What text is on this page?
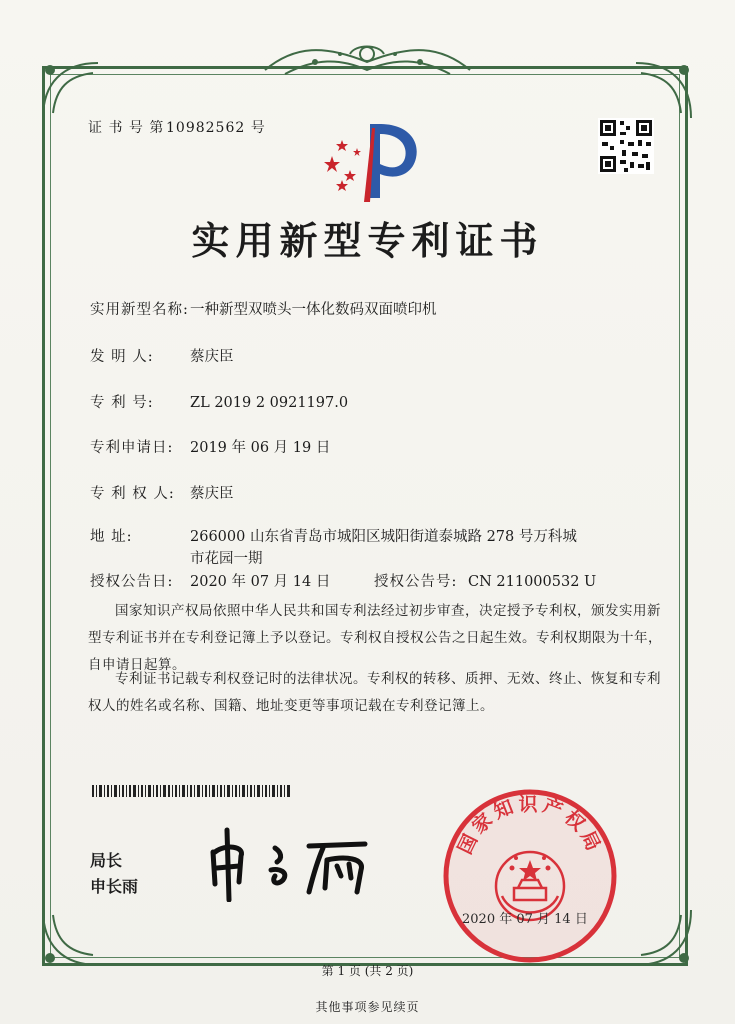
证 书 号 第 10982562 号
实用新型专利证书
实用新型名称: 一种新型双喷头一体化数码双面喷印机
发 明 人:	蔡庆臣
专 利 号:	ZL 2019 2 0921197.0
专利申请日: 2019 年 06 月 19 日
专 利 权 人: 蔡庆臣
地 址:	266000 山东省青岛市城阳区城阳街道泰城路 278 号万科城
市花园一期
授权公告日: 2020 年 07 月 14 日	授权公告号: CN 211000532 U
国家知识产权局依照中华人民共和国专利法经过初步审查，决定授予专利权，颁发实用新型专利证书并在专利登记簿上予以登记。专利权自授权公告之日起生效。专利权期限为十年，自申请日起算。
专利证书记载专利权登记时的法律状况。专利权的转移、质押、无效、终止、恢复和专利权人的姓名或名称、国籍、地址变更等事项记载在专利登记簿上。
局长
申长雨
国家知识产权局
2020 年 07 月 14 日
第 1 页 (共 2 页)
其他事项参见续页
